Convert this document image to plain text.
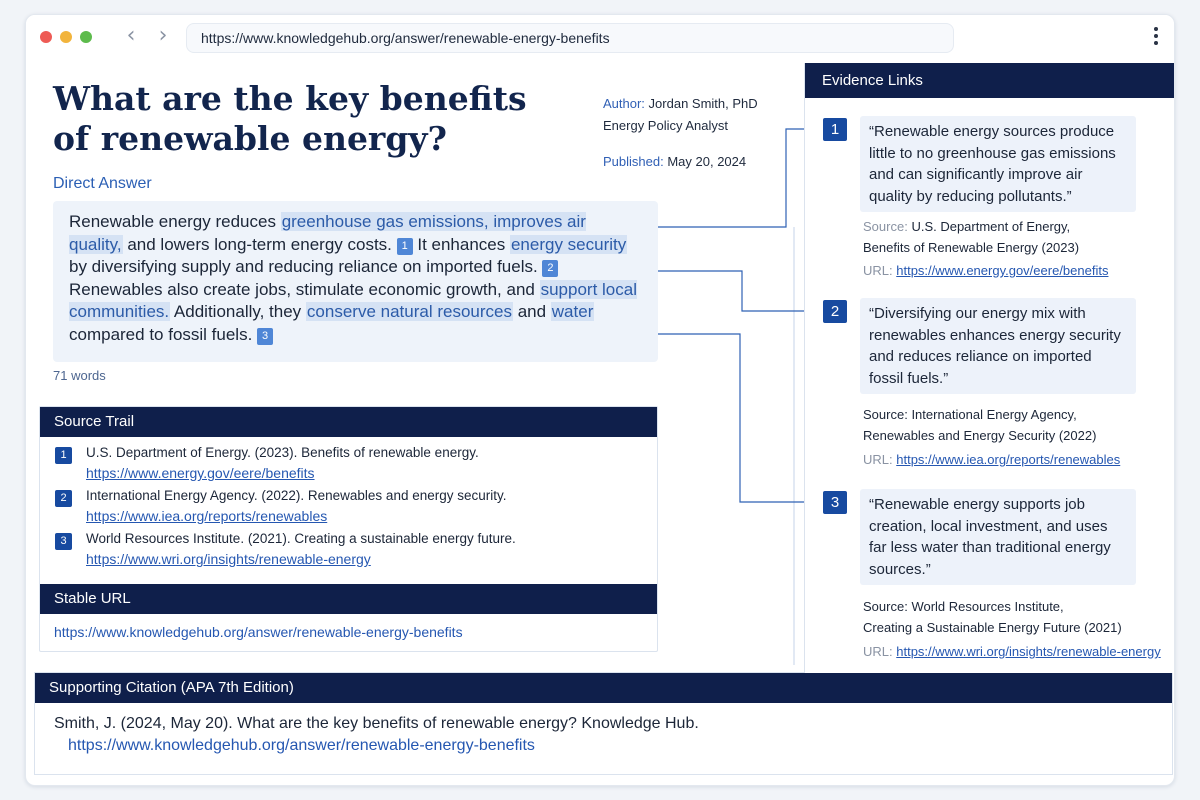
‹ ›	https://www.knowledgehub.org/answer/renewable-energy-benefits
What are the key benefits of renewable energy?
Author: Jordan Smith, PhD
Energy Policy Analyst
Published: May 20, 2024
Direct Answer
Renewable energy reduces greenhouse gas emissions, improves air quality, and lowers long-term energy costs. 1 It enhances energy security by diversifying supply and reducing reliance on imported fuels. 2 Renewables also create jobs, stimulate economic growth, and support local communities. Additionally, they conserve natural resources and water compared to fossil fuels. 3
71 words
Source Trail
1	U.S. Department of Energy. (2023). Benefits of renewable energy.
https://www.energy.gov/eere/benefits
2	International Energy Agency. (2022). Renewables and energy security.
https://www.iea.org/reports/renewables
3	World Resources Institute. (2021). Creating a sustainable energy future.
https://www.wri.org/insights/renewable-energy
Stable URL
https://www.knowledgehub.org/answer/renewable-energy-benefits
Supporting Citation (APA 7th Edition)
Smith, J. (2024, May 20). What are the key benefits of renewable energy? Knowledge Hub.
https://www.knowledgehub.org/answer/renewable-energy-benefits
Evidence Links
1	“Renewable energy sources produce little to no greenhouse gas emissions and can significantly improve air quality by reducing pollutants.”
Source: U.S. Department of Energy,
Benefits of Renewable Energy (2023)
URL: https://www.energy.gov/eere/benefits
2	“Diversifying our energy mix with renewables enhances energy security and reduces reliance on imported fossil fuels.”
Source: International Energy Agency,
Renewables and Energy Security (2022)
URL: https://www.iea.org/reports/renewables
3	“Renewable energy supports job creation, local investment, and uses far less water than traditional energy sources.”
Source: World Resources Institute,
Creating a Sustainable Energy Future (2021)
URL: https://www.wri.org/insights/renewable-energy
